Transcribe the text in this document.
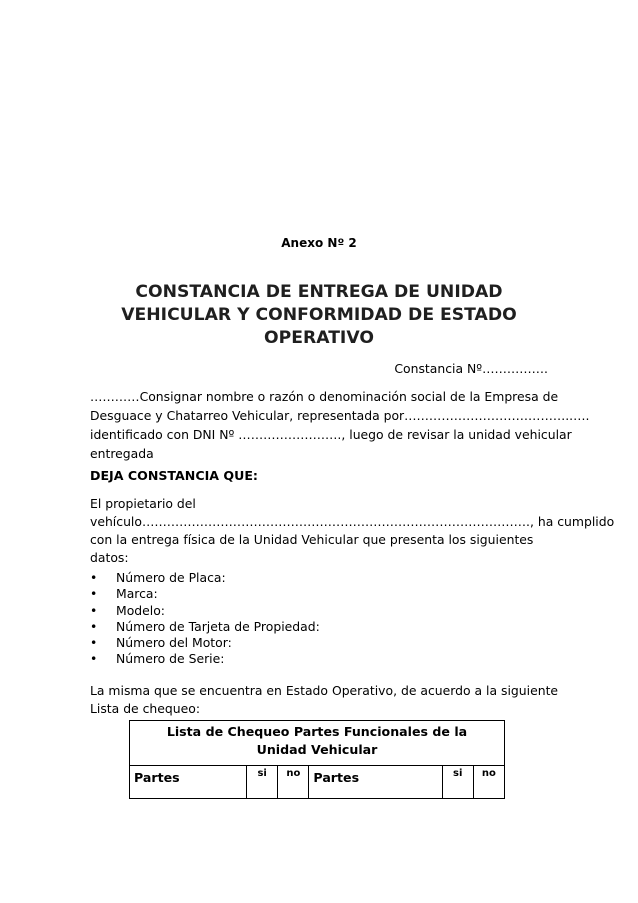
Anexo Nº 2
CONSTANCIA DE ENTREGA DE UNIDAD
VEHICULAR Y CONFORMIDAD DE ESTADO
OPERATIVO
Constancia Nº…………….
…………Consignar nombre o razón o denominación social de la Empresa de
Desguace y Chatarreo Vehicular, representada por…………………………………..….
identificado con DNI Nº ……………………., luego de revisar la unidad vehicular
entregada
DEJA CONSTANCIA QUE:
El propietario del
vehículo…………………………………………………………………………………., ha cumplido
con la entrega física de la Unidad Vehicular que presenta los siguientes
datos:
• Número de Placa:
• Marca:
• Modelo:
• Número de Tarjeta de Propiedad:
• Número del Motor:
• Número de Serie:
La misma que se encuentra en Estado Operativo, de acuerdo a la siguiente
Lista de chequeo:
Lista de Chequeo Partes Funcionales de la
Unidad Vehicular

Partes	si	no	Partes	si	no
